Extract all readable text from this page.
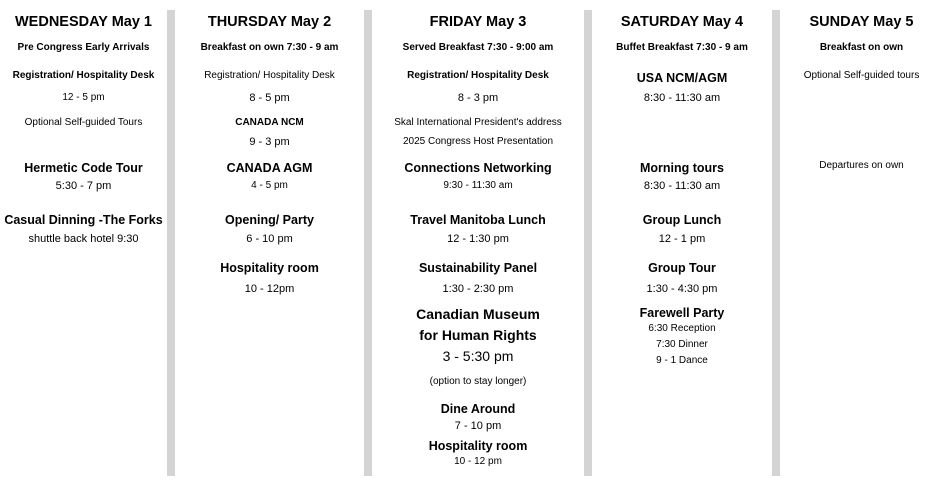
WEDNESDAY May 1
Pre Congress Early Arrivals
Registration/ Hospitality Desk
12 - 5 pm
Optional Self-guided Tours
Hermetic Code Tour
5:30 - 7 pm
Casual Dinning -The Forks
shuttle back hotel 9:30
THURSDAY May 2
Breakfast on own 7:30 - 9 am
Registration/ Hospitality Desk
8 - 5 pm
CANADA NCM
9 - 3 pm
CANADA AGM
4 - 5 pm
Opening/ Party
6 - 10 pm
Hospitality room
10 - 12pm
FRIDAY May 3
Served Breakfast 7:30 - 9:00 am
Registration/ Hospitality Desk
8 - 3 pm
Skal International President's address
2025 Congress Host Presentation
Connections Networking
9:30 - 11:30 am
Travel Manitoba Lunch
12 - 1:30 pm
Sustainability Panel
1:30 - 2:30 pm
Canadian Museum
for Human Rights
3 - 5:30 pm
(option to stay longer)
Dine Around
7 - 10 pm
Hospitality room
10 - 12 pm
SATURDAY May 4
Buffet Breakfast 7:30 - 9 am
USA NCM/AGM
8:30 - 11:30 am
Morning tours
8:30 - 11:30 am
Group Lunch
12 - 1 pm
Group Tour
1:30 - 4:30 pm
Farewell Party
6:30 Reception
7:30 Dinner
9 - 1 Dance
SUNDAY May 5
Breakfast on own
Optional Self-guided tours
Departures on own
